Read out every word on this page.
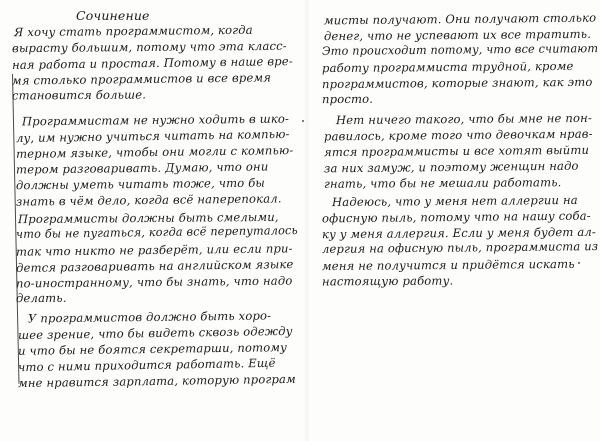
Сочинение
Я хочу стать программистом, когда
вырасту большим, потому что эта класс-
ная работа и простая. Потому в наше вре-
мя столько программистов и все время
становится больше.
Программистам не нужно ходить в шко-
лу, им нужно учиться читать на компью-
терном языке, чтобы они могли с компью-
тером разговаривать. Думаю, что они
должны уметь читать тоже, что бы
знать в чём дело, когда всё наперепокал.
Программисты должны быть смелыми,
что бы не пугаться, когда всё перепуталось
так что никто не разберёт, или если при-
дется разговаривать на английском языке
по-иностранному, что бы знать, что надо
делать.
У программистов должно быть хоро-
шее зрение, что бы видеть сквозь одежду
и что бы не боятся секретарши, потому
что с ними приходится работать. Ещё
мне нравится зарплата, которую програм
мисты получают. Они получают столько
денег, что не успевают их все тратить.
Это происходит потому, что все считают
работу программиста трудной, кроме
программистов, которые знают, как это
просто.
Нет ничего такого, что бы мне не пон-
равилось, кроме того что девочкам нрав-
ятся программисты и все хотят выйти
за них замуж, и поэтому женщин надо
гнать, что бы не мешали работать.
Надеюсь, что у меня нет аллергии на
офисную пыль, потому что на нашу соба-
ку у меня аллергия. Если у меня будет ал-
лергия на офисную пыль, программиста из
меня не получится и придётся искать
настоящую работу.
